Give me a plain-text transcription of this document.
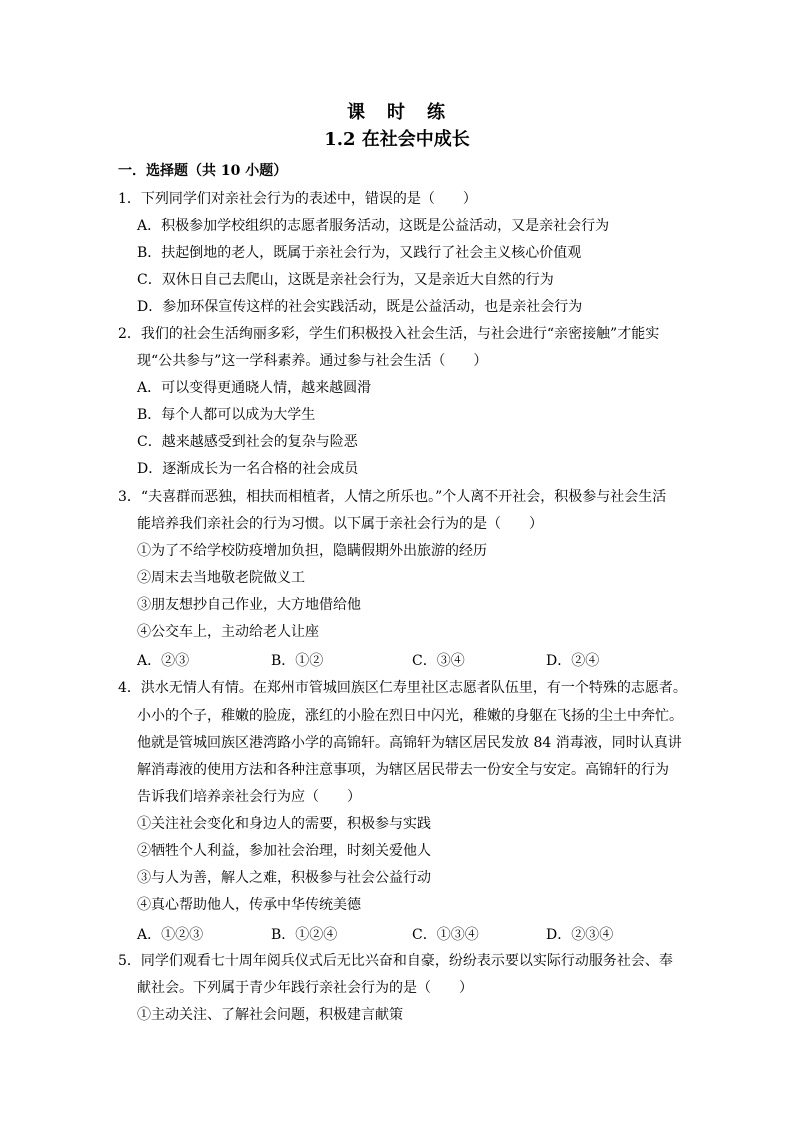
课　时　练
1.2 在社会中成长
一．选择题（共 10 小题）
1．下列同学们对亲社会行为的表述中，错误的是（　　）
A．积极参加学校组织的志愿者服务活动，这既是公益活动，又是亲社会行为
B．扶起倒地的老人，既属于亲社会行为，又践行了社会主义核心价值观
C．双休日自己去爬山，这既是亲社会行为，又是亲近大自然的行为
D．参加环保宣传这样的社会实践活动，既是公益活动，也是亲社会行为
2．我们的社会生活绚丽多彩，学生们积极投入社会生活，与社会进行“亲密接触”才能实
现“公共参与”这一学科素养。通过参与社会生活（　　）
A．可以变得更通晓人情，越来越圆滑
B．每个人都可以成为大学生
C．越来越感受到社会的复杂与险恶
D．逐渐成长为一名合格的社会成员
3．“夫喜群而恶独，相扶而相植者，人情之所乐也。”个人离不开社会，积极参与社会生活
能培养我们亲社会的行为习惯。以下属于亲社会行为的是（　　）
①为了不给学校防疫增加负担，隐瞒假期外出旅游的经历
②周末去当地敬老院做义工
③朋友想抄自己作业，大方地借给他
④公交车上，主动给老人让座
A．②③	B．①②	C．③④	D．②④
4．洪水无情人有情。在郑州市管城回族区仁寿里社区志愿者队伍里，有一个特殊的志愿者。
小小的个子，稚嫩的脸庞，涨红的小脸在烈日中闪光，稚嫩的身躯在飞扬的尘土中奔忙。
他就是管城回族区港湾路小学的高锦轩。高锦轩为辖区居民发放 84 消毒液，同时认真讲
解消毒液的使用方法和各种注意事项，为辖区居民带去一份安全与安定。高锦轩的行为
告诉我们培养亲社会行为应（　　）
①关注社会变化和身边人的需要，积极参与实践
②牺牲个人利益，参加社会治理，时刻关爱他人
③与人为善，解人之难，积极参与社会公益行动
④真心帮助他人，传承中华传统美德
A．①②③	B．①②④	C．①③④	D．②③④
5．同学们观看七十周年阅兵仪式后无比兴奋和自豪，纷纷表示要以实际行动服务社会、奉
献社会。下列属于青少年践行亲社会行为的是（　　）
①主动关注、了解社会问题，积极建言献策
